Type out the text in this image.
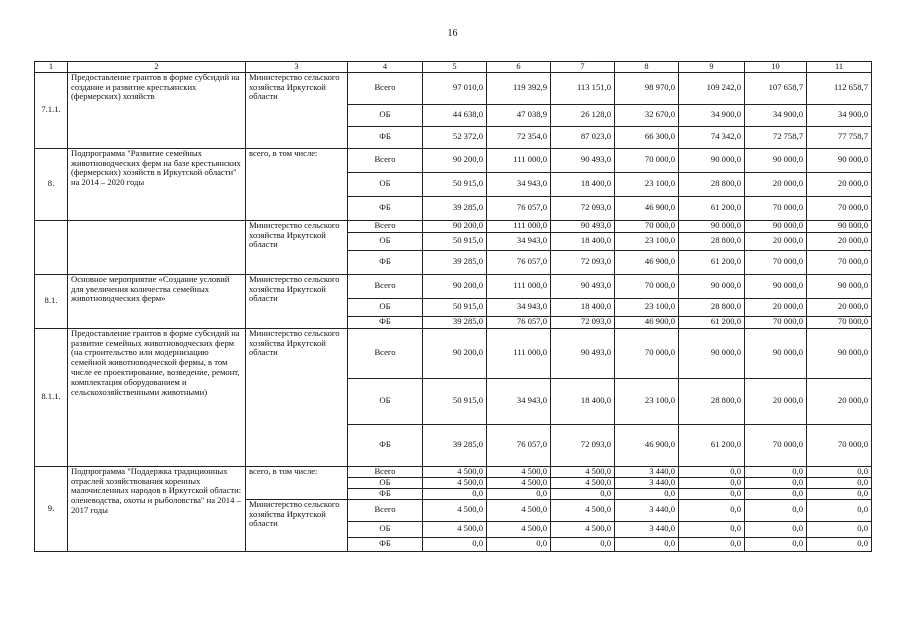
16
1	2	3	4	5	6	7	8	9	10	11
7.1.1.	Предоставление грантов в форме субсидий на создание и развитие крестьянских (фермерских) хозяйств	Министерство сельского хозяйства Иркутской области	Всего	97 010,0	119 392,9	113 151,0	98 970,0	109 242,0	107 658,7	112 658,7
			ОБ	44 638,0	47 038,9	26 128,0	32 670,0	34 900,0	34 900,0	34 900,0
			ФБ	52 372,0	72 354,0	87 023,0	66 300,0	74 342,0	72 758,7	77 758,7
8.	Подпрограмма "Развитие семейных животноводческих ферм на базе крестьянских (фермерских) хозяйств в Иркутской области" на 2014 – 2020 годы	всего, в том числе:	Всего	90 200,0	111 000,0	90 493,0	70 000,0	90 000,0	90 000,0	90 000,0
			ОБ	50 915,0	34 943,0	18 400,0	23 100,0	28 800,0	20 000,0	20 000,0
			ФБ	39 285,0	76 057,0	72 093,0	46 900,0	61 200,0	70 000,0	70 000,0
		Министерство сельского хозяйства Иркутской области	Всего	90 200,0	111 000,0	90 493,0	70 000,0	90 000,0	90 000,0	90 000,0
			ОБ	50 915,0	34 943,0	18 400,0	23 100,0	28 800,0	20 000,0	20 000,0
			ФБ	39 285,0	76 057,0	72 093,0	46 900,0	61 200,0	70 000,0	70 000,0
8.1.	Основное мероприятие «Создание условий для увеличения количества семейных животноводческих ферм»	Министерство сельского хозяйства Иркутской области	Всего	90 200,0	111 000,0	90 493,0	70 000,0	90 000,0	90 000,0	90 000,0
			ОБ	50 915,0	34 943,0	18 400,0	23 100,0	28 800,0	20 000,0	20 000,0
			ФБ	39 285,0	76 057,0	72 093,0	46 900,0	61 200,0	70 000,0	70 000,0
8.1.1.	Предоставление грантов в форме субсидий на развитие семейных животноводческих ферм (на строительство или модернизацию семейной животноводческой фермы, в том числе ее проектирование, возведение, ремонт, комплектация оборудованием и сельскохозяйственными животными)	Министерство сельского хозяйства Иркутской области	Всего	90 200,0	111 000,0	90 493,0	70 000,0	90 000,0	90 000,0	90 000,0
			ОБ	50 915,0	34 943,0	18 400,0	23 100,0	28 800,0	20 000,0	20 000,0
			ФБ	39 285,0	76 057,0	72 093,0	46 900,0	61 200,0	70 000,0	70 000,0
9.	Подпрограмма "Поддержка традиционных отраслей хозяйствования коренных малочисленных народов в Иркутской области: оленеводства, охоты и рыболовства" на 2014 – 2017 годы	всего, в том числе:	Всего	4 500,0	4 500,0	4 500,0	3 440,0	0,0	0,0	0,0
			ОБ	4 500,0	4 500,0	4 500,0	3 440,0	0,0	0,0	0,0
			ФБ	0,0	0,0	0,0	0,0	0,0	0,0	0,0
		Министерство сельского хозяйства Иркутской области	Всего	4 500,0	4 500,0	4 500,0	3 440,0	0,0	0,0	0,0
			ОБ	4 500,0	4 500,0	4 500,0	3 440,0	0,0	0,0	0,0
			ФБ	0,0	0,0	0,0	0,0	0,0	0,0	0,0
